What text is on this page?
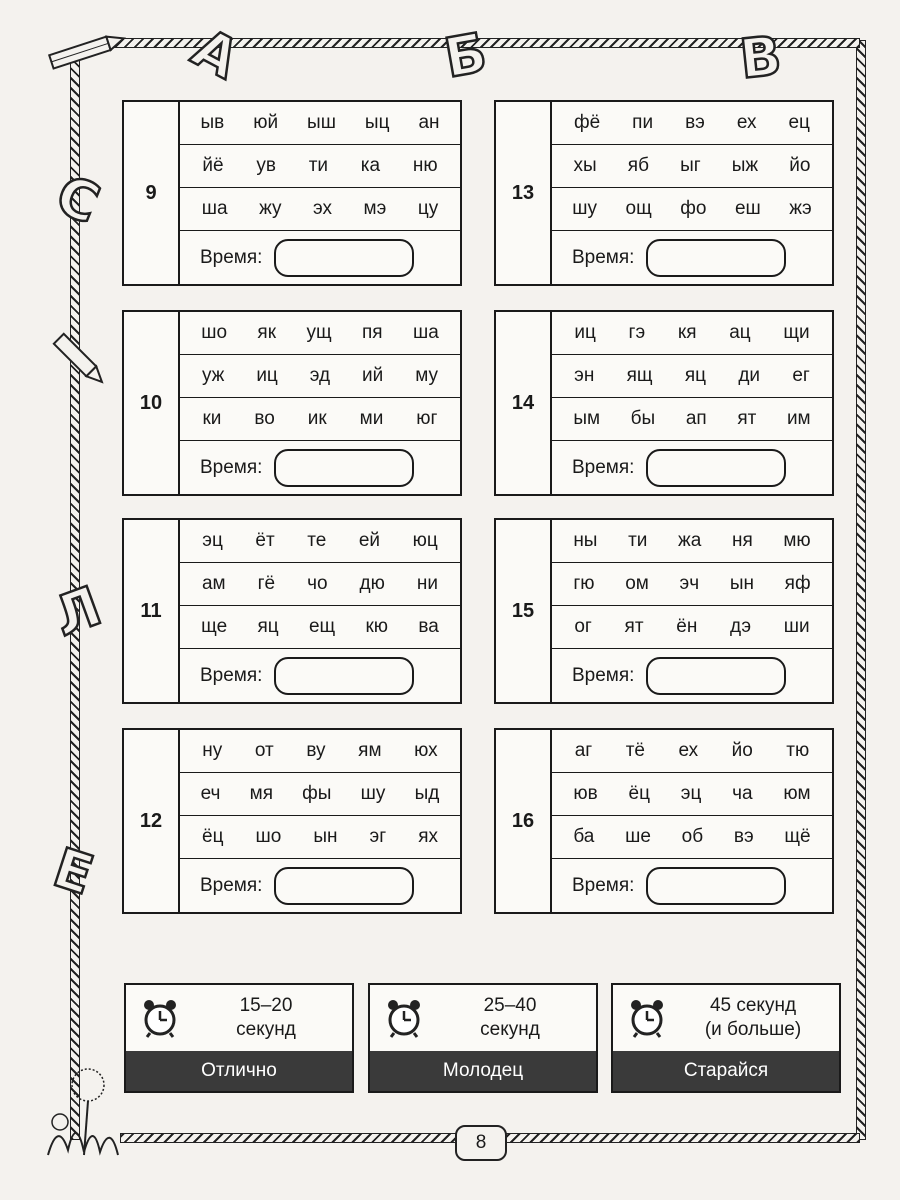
А	Б	В
С
Л
Е
9
ыв юй ыш ыц ан
йё ув ти ка ню
ша жу эх мэ цу
Время:
10
шо як ущ пя ша
уж иц эд ий му
ки во ик ми юг
Время:
11
эц ёт те ей юц
ам гё чо дю ни
ще яц ещ кю ва
Время:
12
ну от ву ям юх
еч мя фы шу ыд
ёц шо ын эг ях
Время:
13
фё пи вэ ех ец
хы яб ыг ыж йо
шу ощ фо еш жэ
Время:
14
иц гэ кя ац щи
эн ящ яц ди ег
ым бы ап ят им
Время:
15
ны ти жа ня мю
гю ом эч ын яф
ог ят ён дэ ши
Время:
16
аг тё ех йо тю
юв ёц эц ча юм
ба ше об вэ щё
Время:
15–20
секунд
Отлично
25–40
секунд
Молодец
45 секунд
(и больше)
Старайся
8
